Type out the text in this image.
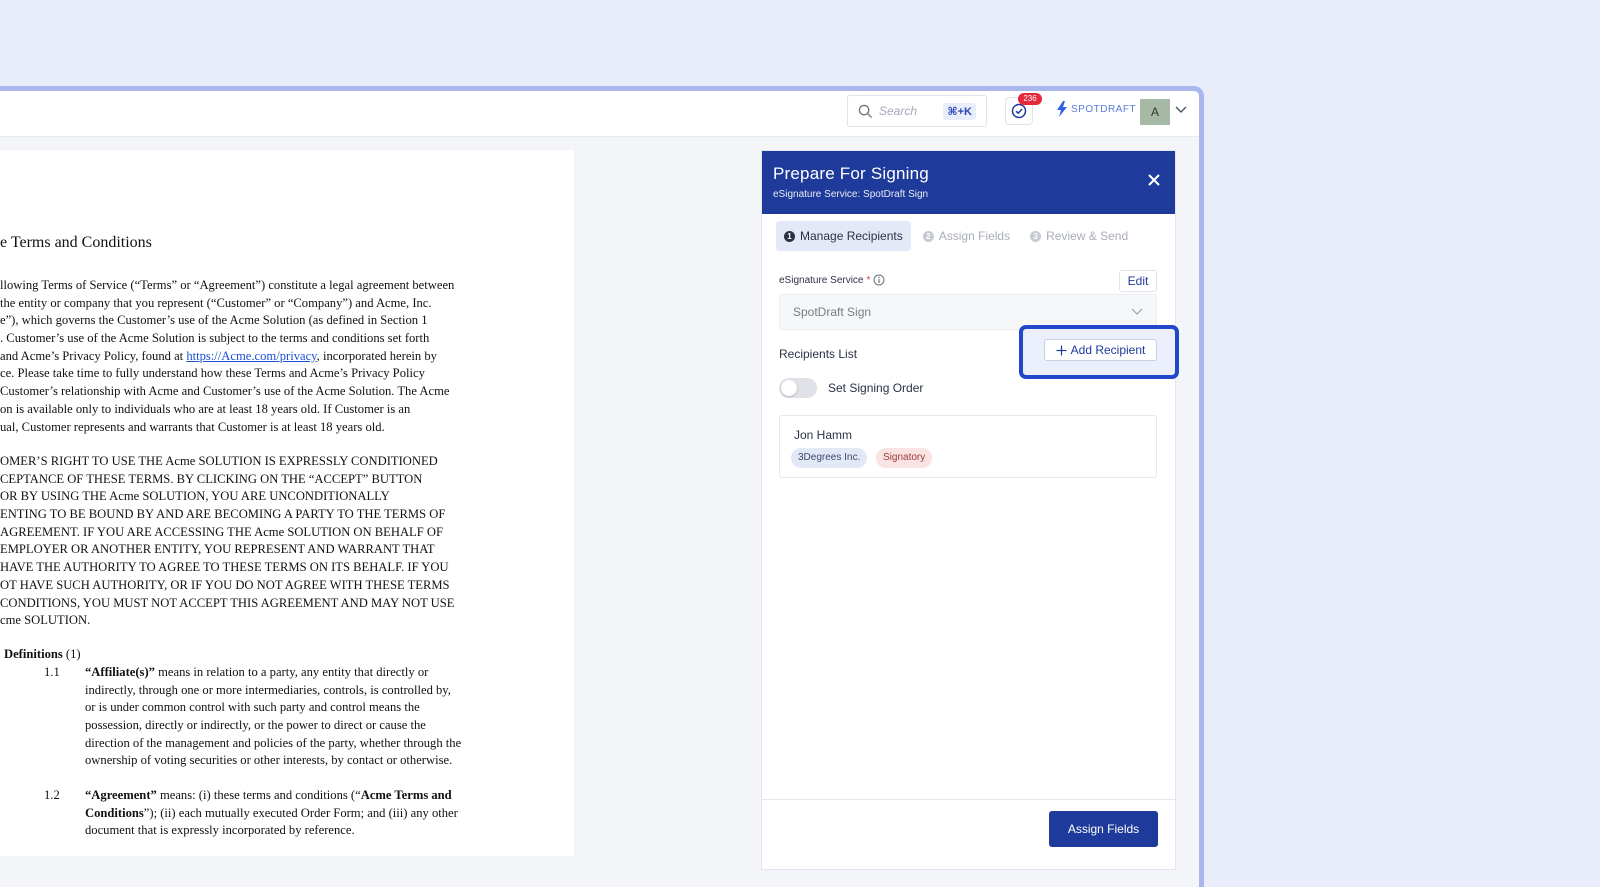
Search	⌘+K
236
SPOTDRAFT	A
e Terms and Conditions
llowing Terms of Service (“Terms” or “Agreement”) constitute a legal agreement between
the entity or company that you represent (“Customer” or “Company”) and Acme, Inc.
e”), which governs the Customer’s use of the Acme Solution (as defined in Section 1
. Customer’s use of the Acme Solution is subject to the terms and conditions set forth
and Acme’s Privacy Policy, found at https://Acme.com/privacy, incorporated herein by
ce. Please take time to fully understand how these Terms and Acme’s Privacy Policy
Customer’s relationship with Acme and Customer’s use of the Acme Solution. The Acme
on is available only to individuals who are at least 18 years old. If Customer is an
ual, Customer represents and warrants that Customer is at least 18 years old.
OMER’S RIGHT TO USE THE Acme SOLUTION IS EXPRESSLY CONDITIONED
CEPTANCE OF THESE TERMS. BY CLICKING ON THE “ACCEPT” BUTTON
OR BY USING THE Acme SOLUTION, YOU ARE UNCONDITIONALLY
ENTING TO BE BOUND BY AND ARE BECOMING A PARTY TO THE TERMS OF
AGREEMENT. IF YOU ARE ACCESSING THE Acme SOLUTION ON BEHALF OF
EMPLOYER OR ANOTHER ENTITY, YOU REPRESENT AND WARRANT THAT
HAVE THE AUTHORITY TO AGREE TO THESE TERMS ON ITS BEHALF. IF YOU
OT HAVE SUCH AUTHORITY, OR IF YOU DO NOT AGREE WITH THESE TERMS
CONDITIONS, YOU MUST NOT ACCEPT THIS AGREEMENT AND MAY NOT USE
cme SOLUTION.
Definitions (1)
1.1 “Affiliate(s)” means in relation to a party, any entity that directly or
indirectly, through one or more intermediaries, controls, is controlled by,
or is under common control with such party and control means the
possession, directly or indirectly, or the power to direct or cause the
direction of the management and policies of the party, whether through the
ownership of voting securities or other interests, by contact or otherwise.
1.2 “Agreement” means: (i) these terms and conditions (“Acme Terms and
Conditions”); (ii) each mutually executed Order Form; and (iii) any other
document that is expressly incorporated by reference.
Prepare For Signing
eSignature Service: SpotDraft Sign
1 Manage Recipients	2 Assign Fields	3 Review & Send
eSignature Service *	Edit
SpotDraft Sign
Recipients List	Add Recipient
Set Signing Order
Jon Hamm
3Degrees Inc.	Signatory
Assign Fields
